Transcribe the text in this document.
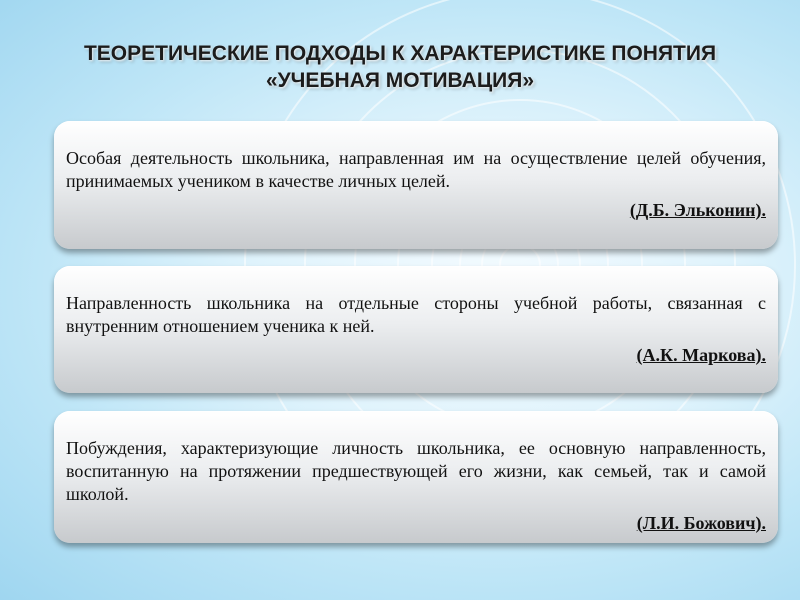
ТЕОРЕТИЧЕСКИЕ ПОДХОДЫ К ХАРАКТЕРИСТИКЕ ПОНЯТИЯ
«УЧЕБНАЯ МОТИВАЦИЯ»

Особая деятельность школьника, направленная им на осуществление целей обучения, принимаемых учеником в качестве личных целей.

(Д.Б. Эльконин).

Направленность школьника на отдельные стороны учебной работы, связанная с внутренним отношением ученика к ней.

(А.К. Маркова).

Побуждения, характеризующие личность школьника, ее основную направленность, воспитанную на протяжении предшествующей его жизни, как семьей, так и самой школой.

(Л.И. Божович).
